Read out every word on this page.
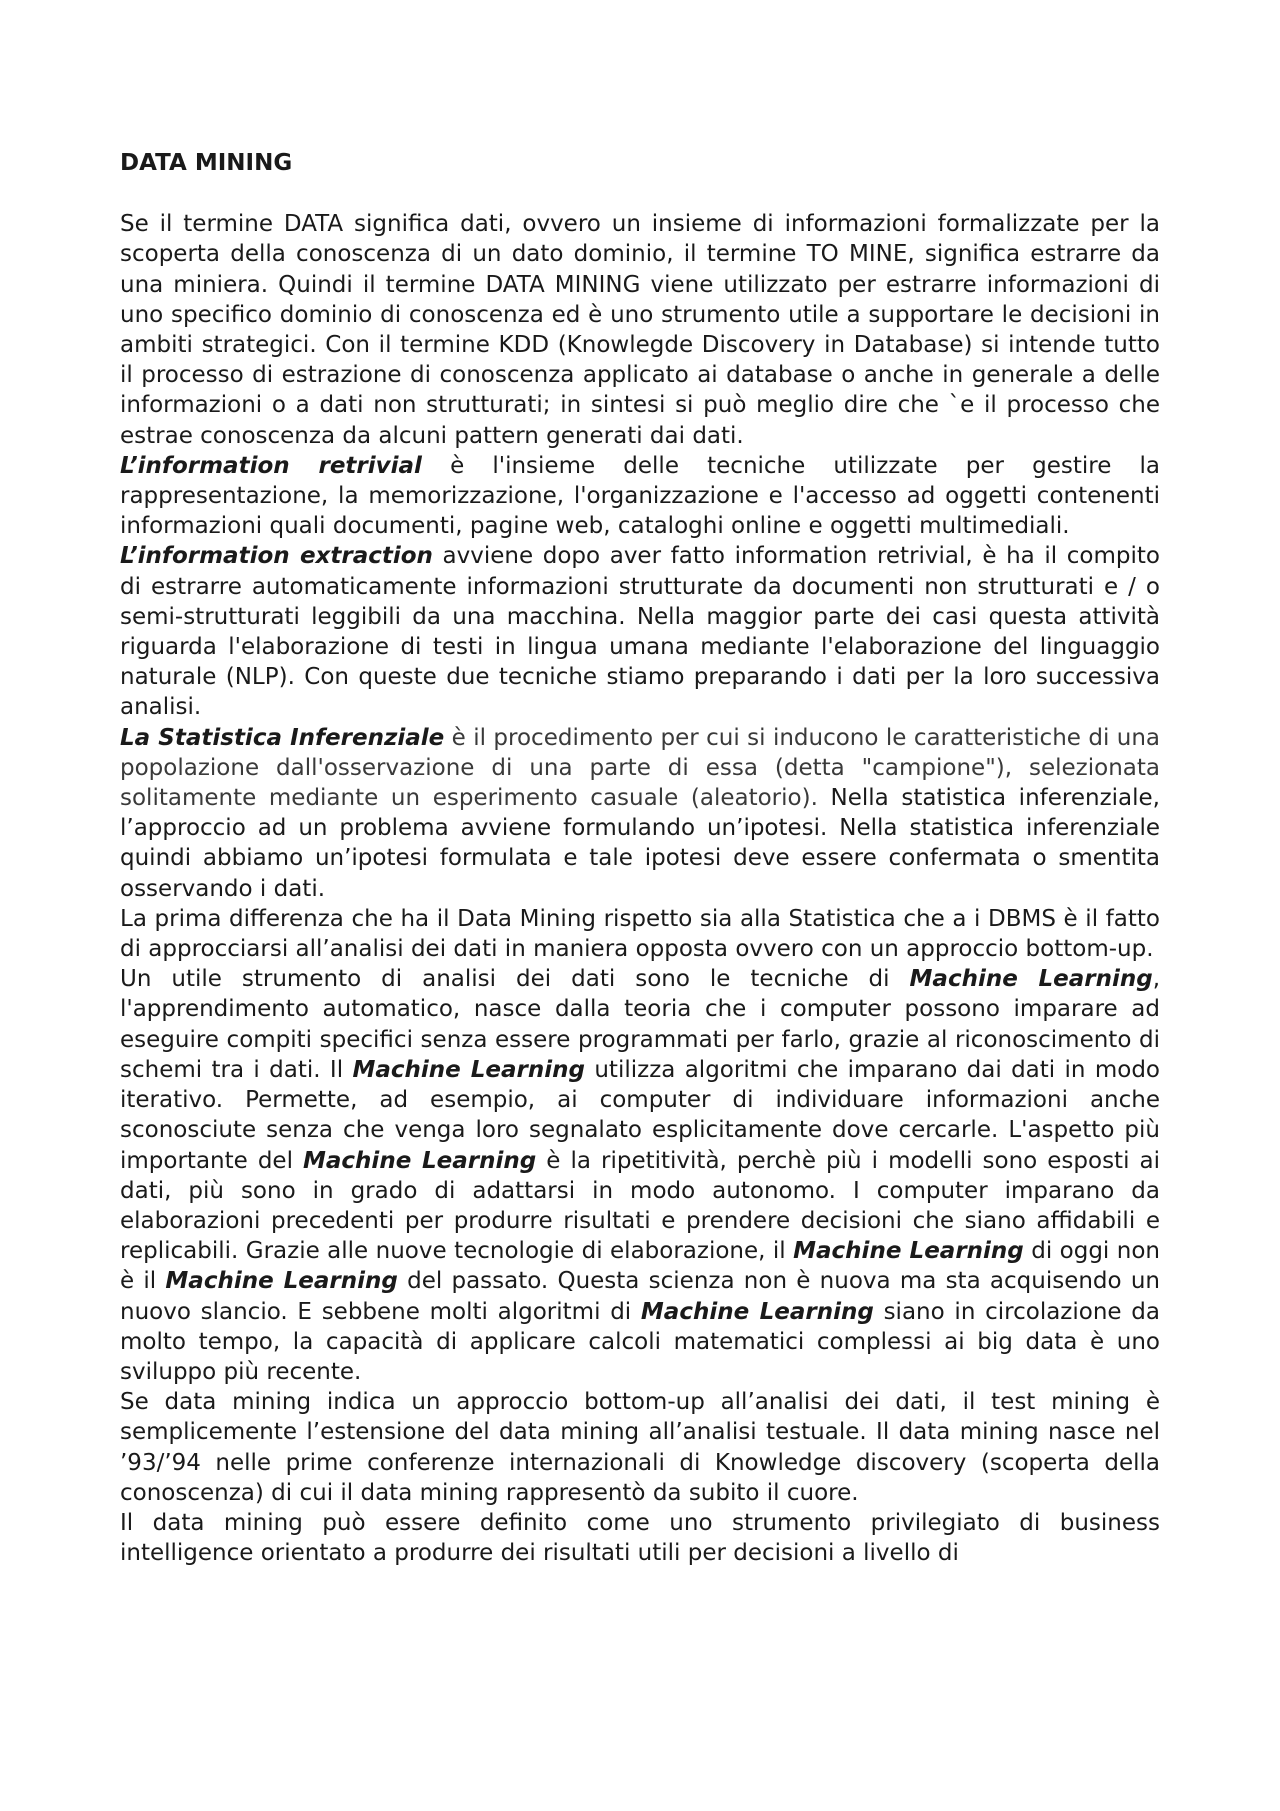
DATA MINING

Se il termine DATA significa dati, ovvero un insieme di informazioni formalizzate per la scoperta della conoscenza di un dato dominio, il termine TO MINE, significa estrarre da una miniera. Quindi il termine DATA MINING viene utilizzato per estrarre informazioni di uno specifico dominio di conoscenza ed è uno strumento utile a supportare le decisioni in ambiti strategici. Con il termine KDD (Knowlegde Discovery in Database) si intende tutto il processo di estrazione di conoscenza applicato ai database o anche in generale a delle informazioni o a dati non strutturati; in sintesi si può meglio dire che `e il processo che estrae conoscenza da alcuni pattern generati dai dati.

L’information retrivial è l'insieme delle tecniche utilizzate per gestire la rappresentazione, la memorizzazione, l'organizzazione e l'accesso ad oggetti contenenti informazioni quali documenti, pagine web, cataloghi online e oggetti multimediali.

L’information extraction avviene dopo aver fatto information retrivial, è ha il compito di estrarre automaticamente informazioni strutturate da documenti non strutturati e / o semi-strutturati leggibili da una macchina. Nella maggior parte dei casi questa attività riguarda l'elaborazione di testi in lingua umana mediante l'elaborazione del linguaggio naturale (NLP). Con queste due tecniche stiamo preparando i dati per la loro successiva analisi.

La Statistica Inferenziale è il procedimento per cui si inducono le caratteristiche di una popolazione dall'osservazione di una parte di essa (detta "campione"), selezionata solitamente mediante un esperimento casuale (aleatorio). Nella statistica inferenziale, l’approccio ad un problema avviene formulando un’ipotesi. Nella statistica inferenziale quindi abbiamo un’ipotesi formulata e tale ipotesi deve essere confermata o smentita osservando i dati.

La prima differenza che ha il Data Mining rispetto sia alla Statistica che a i DBMS è il fatto di approcciarsi all’analisi dei dati in maniera opposta ovvero con un approccio bottom-up.

Un utile strumento di analisi dei dati sono le tecniche di Machine Learning, l'apprendimento automatico, nasce dalla teoria che i computer possono imparare ad eseguire compiti specifici senza essere programmati per farlo, grazie al riconoscimento di schemi tra i dati. Il Machine Learning utilizza algoritmi che imparano dai dati in modo iterativo. Permette, ad esempio, ai computer di individuare informazioni anche sconosciute senza che venga loro segnalato esplicitamente dove cercarle. L'aspetto più importante del Machine Learning è la ripetitività, perchè più i modelli sono esposti ai dati, più sono in grado di adattarsi in modo autonomo. I computer imparano da elaborazioni precedenti per produrre risultati e prendere decisioni che siano affidabili e replicabili. Grazie alle nuove tecnologie di elaborazione, il Machine Learning di oggi non è il Machine Learning del passato. Questa scienza non è nuova ma sta acquisendo un nuovo slancio. E sebbene molti algoritmi di Machine Learning siano in circolazione da molto tempo, la capacità di applicare calcoli matematici complessi ai big data è uno sviluppo più recente.

Se data mining indica un approccio bottom-up all’analisi dei dati, il test mining è semplicemente l’estensione del data mining all’analisi testuale. Il data mining nasce nel ’93/’94 nelle prime conferenze internazionali di Knowledge discovery (scoperta della conoscenza) di cui il data mining rappresentò da subito il cuore.

Il data mining può essere definito come uno strumento privilegiato di business intelligence orientato a produrre dei risultati utili per decisioni a livello di
